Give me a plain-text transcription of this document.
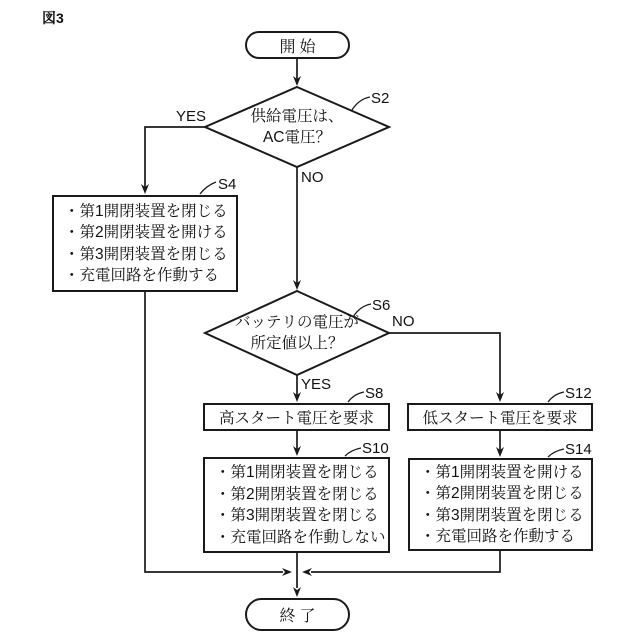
図3
開始
供給電圧は、
AC電圧？
S2
YES
NO
・第1開閉装置を閉じる
・第2開閉装置を開ける
・第3開閉装置を閉じる
・充電回路を作動する
S4
バッテリの電圧が
所定値以上？
S6
NO
YES
高スタート電圧を要求
S8
低スタート電圧を要求
S12
・第1開閉装置を閉じる
・第2開閉装置を閉じる
・第3開閉装置を閉じる
・充電回路を作動しない
S10
・第1開閉装置を開ける
・第2開閉装置を閉じる
・第3開閉装置を閉じる
・充電回路を作動する
S14
終了
